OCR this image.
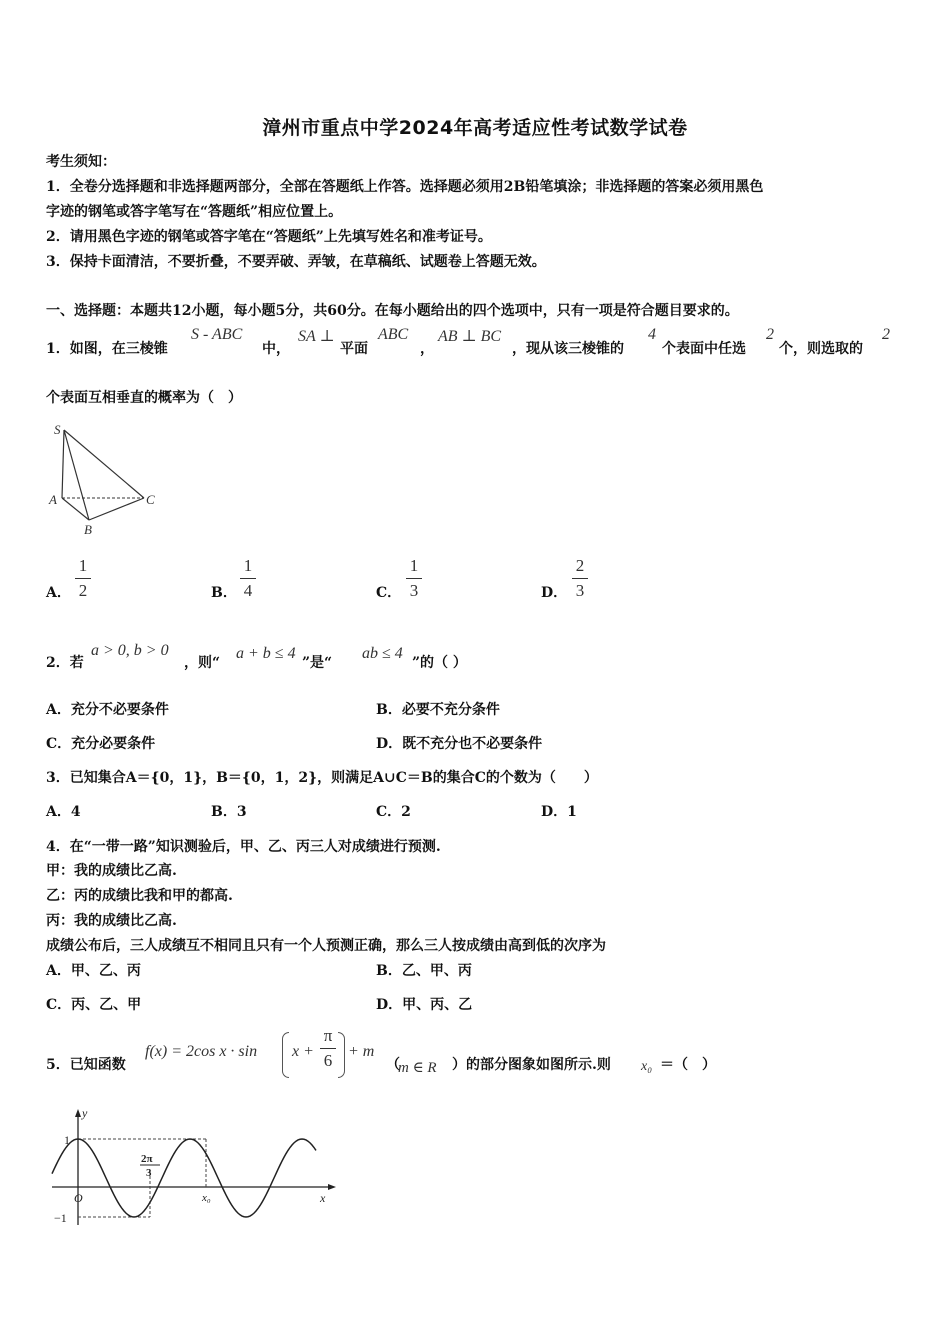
漳州市重点中学2024年高考适应性考试数学试卷
考生须知：
1．全卷分选择题和非选择题两部分，全部在答题纸上作答。选择题必须用2B铅笔填涂；非选择题的答案必须用黑色
字迹的钢笔或答字笔写在“答题纸”相应位置上。
2．请用黑色字迹的钢笔或答字笔在“答题纸”上先填写姓名和准考证号。
3．保持卡面清洁，不要折叠，不要弄破、弄皱，在草稿纸、试题卷上答题无效。
一、选择题：本题共12小题，每小题5分，共60分。在每小题给出的四个选项中，只有一项是符合题目要求的。
1．如图，在三棱锥
S - ABC
中，
SA ⊥
平面
ABC
，
AB ⊥ BC
，现从该三棱锥的
4
个表面中任选
2
个，则选取的
2
个表面互相垂直的概率为（　）
S
A
B
C
A．
1
2	B．
1
4	C．
1
3	D．
2
3
2．若
a > 0, b > 0
，则“
a + b ≤ 4
”是“
ab ≤ 4
”的（ ）
A．充分不必要条件	B．必要不充分条件
C．充分必要条件	D．既不充分也不必要条件
3．已知集合A＝{0，1}，B＝{0，1，2}，则满足A∪C＝B的集合C的个数为（　　）
A．4	B．3	C．2	D．1
4．在“一带一路”知识测验后，甲、乙、丙三人对成绩进行预测.
甲：我的成绩比乙高.
乙：丙的成绩比我和甲的都高.
丙：我的成绩比乙高.
成绩公布后，三人成绩互不相同且只有一个人预测正确，那么三人按成绩由高到低的次序为
A．甲、乙、丙	B．乙、甲、丙
C．丙、乙、甲	D．甲、丙、乙
5．已知函数
f(x) = 2cos x · sin x +
π
6 + m
（
m ∈ R ）的部分图象如图所示.则 x₀ ＝（　）
y
x
1
−1
O
2π
3
x₀
